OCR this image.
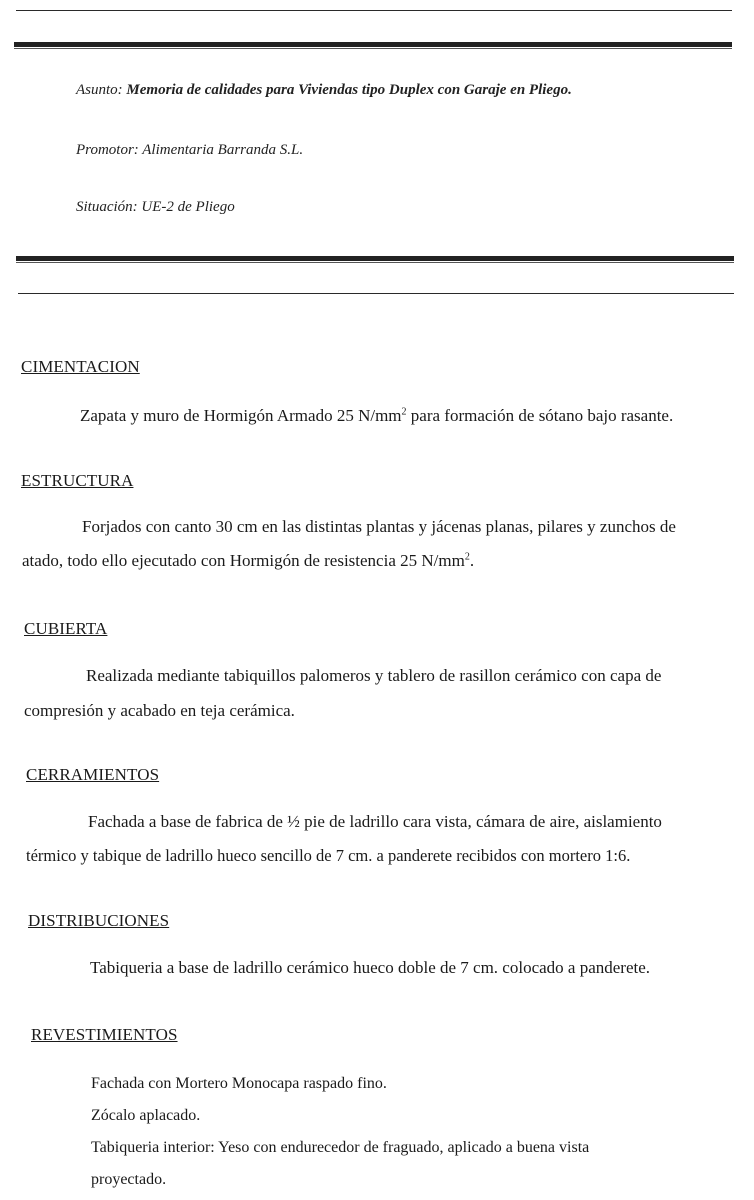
Asunto: Memoria de calidades para Viviendas tipo Duplex con Garaje en Pliego.
Promotor: Alimentaria Barranda S.L.
Situación: UE-2 de Pliego
CIMENTACION
Zapata y muro de Hormigón Armado 25 $N/mm^2$ para formación de sótano bajo rasante.
ESTRUCTURA
Forjados con canto 30 cm en las distintas plantas y jácenas planas, pilares y zunchos de
atado, todo ello ejecutado con Hormigón de resistencia 25 $N/mm^2$.
CUBIERTA
Realizada mediante tabiquillos palomeros y tablero de rasillon cerámico con capa de
compresión y acabado en teja cerámica.
CERRAMIENTOS
Fachada a base de fabrica de ½ pie de ladrillo cara vista, cámara de aire, aislamiento
térmico y tabique de ladrillo hueco sencillo de 7 cm. a panderete recibidos con mortero 1:6.
DISTRIBUCIONES
Tabiqueria a base de ladrillo cerámico hueco doble de 7 cm. colocado a panderete.
REVESTIMIENTOS
Fachada con Mortero Monocapa raspado fino.
Zócalo aplacado.
Tabiqueria interior: Yeso con endurecedor de fraguado, aplicado a buena vista
proyectado.
